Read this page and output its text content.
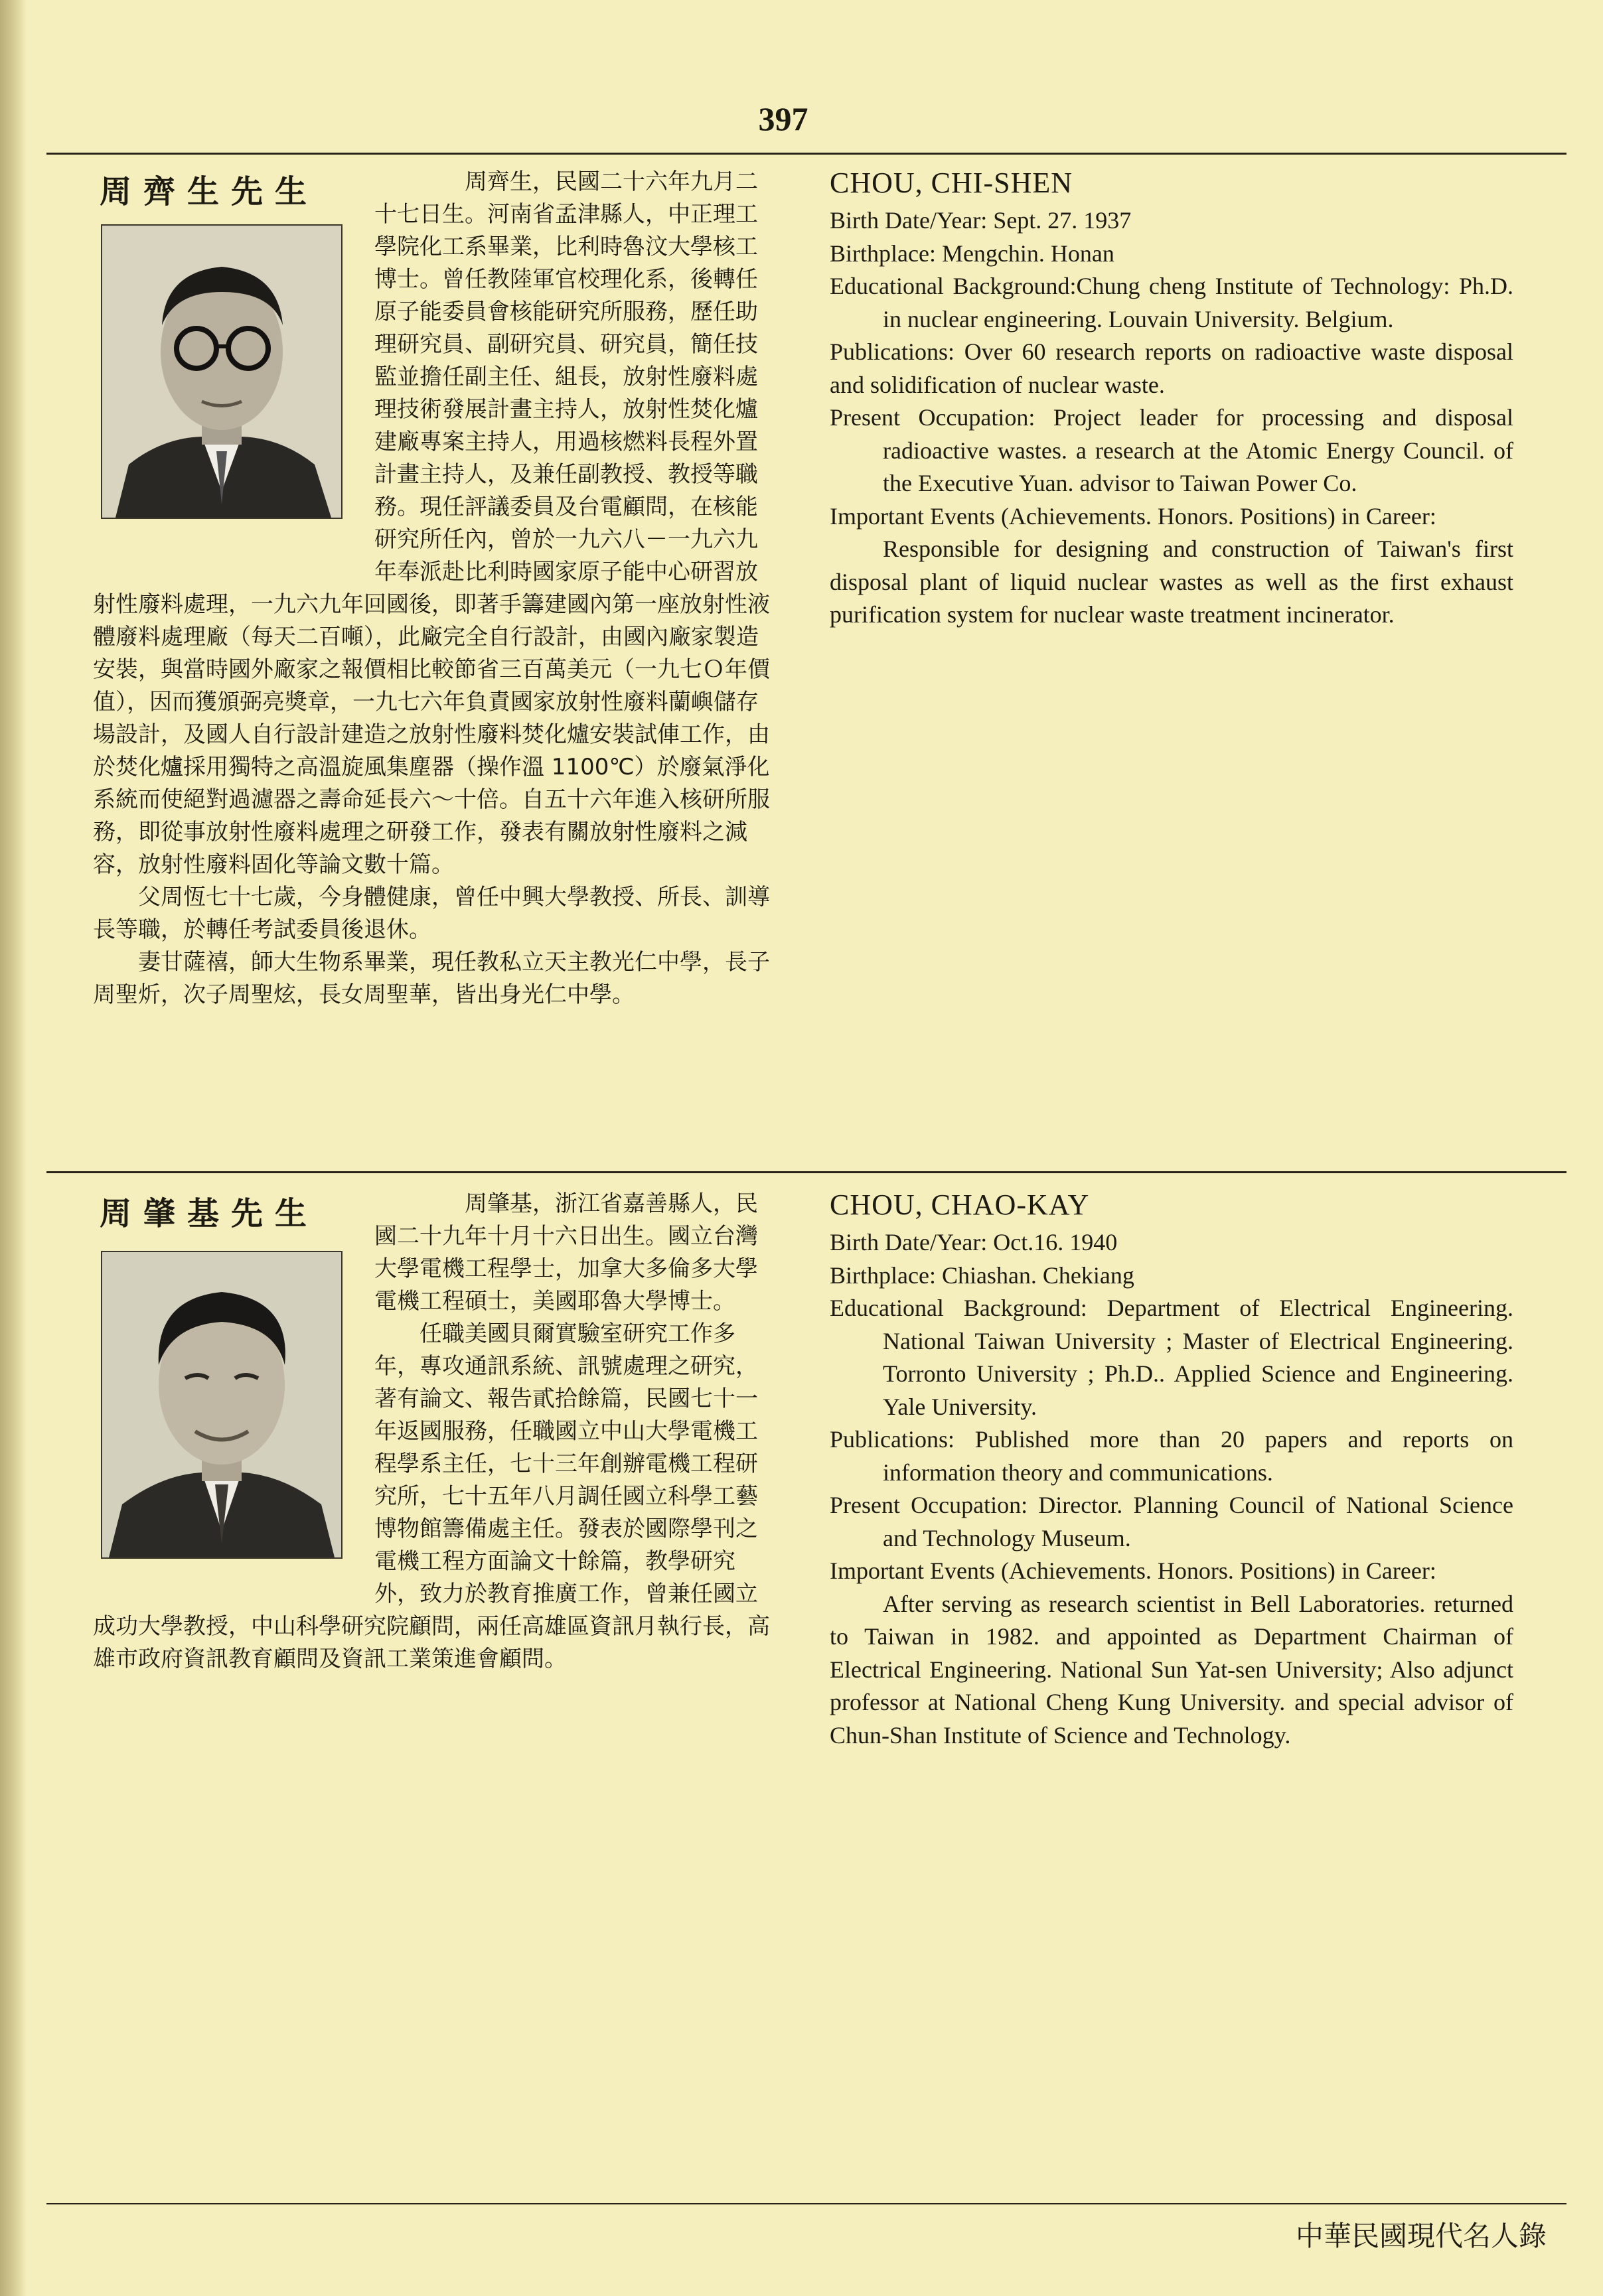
397

周齊生，民國二十六年九月二十七日生。河南省孟津縣人，中正理工學院化工系畢業，比利時魯汶大學核工博士。曾任教陸軍官校理化系，後轉任原子能委員會核能研究所服務，歷任助理研究員、副研究員、研究員，簡任技監並擔任副主任、組長，放射性廢料處理技術發展計畫主持人，放射性焚化爐建廠專案主持人，用過核燃料長程外置計畫主持人，及兼任副教授、教授等職務。現任評議委員及台電顧問，在核能研究所任內，曾於一九六八－一九六九年奉派赴比利時國家原子能中心研習放射性廢料處理，一九六九年回國後，即著手籌建國內第一座放射性液體廢料處理廠（每天二百噸），此廠完全自行設計，由國內廠家製造安裝，與當時國外廠家之報價相比較節省三百萬美元（一九七Ｏ年價值），因而獲頒弼亮獎章，一九七六年負責國家放射性廢料蘭嶼儲存場設計，及國人自行設計建造之放射性廢料焚化爐安裝試俥工作，由於焚化爐採用獨特之高溫旋風集塵器（操作溫 1100℃）於廢氣淨化系統而使絕對過濾器之壽命延長六～十倍。自五十六年進入核研所服務，即從事放射性廢料處理之研發工作，發表有關放射性廢料之減容，放射性廢料固化等論文數十篇。

父周恆七十七歲，今身體健康，曾任中興大學教授、所長、訓導長等職，於轉任考試委員後退休。

妻甘薩禧，師大生物系畢業，現任教私立天主教光仁中學，長子周聖炘，次子周聖炫，長女周聖華，皆出身光仁中學。

周齊生先生	CHOU, CHI-SHEN

Birth Date/Year: Sept. 27. 1937

Birthplace: Mengchin. Honan

Educational Background:Chung cheng Institute of Technology: Ph.D. in nuclear engineering. Louvain University. Belgium.

Publications: Over 60 research reports on radioactive waste disposal and solidification of nuclear waste.

Present Occupation: Project leader for processing and disposal radioactive wastes. a research at the Atomic Energy Council. of the Executive Yuan. advisor to Taiwan Power Co.

Important Events (Achievements. Honors. Positions) in Career:

Responsible for designing and construction of Taiwan's first disposal plant of liquid nuclear wastes as well as the first exhaust purification system for nuclear waste treatment incinerator.

周肇基，浙江省嘉善縣人，民國二十九年十月十六日出生。國立台灣大學電機工程學士，加拿大多倫多大學電機工程碩士，美國耶魯大學博士。

任職美國貝爾實驗室研究工作多年，專攻通訊系統、訊號處理之研究，著有論文、報告貳拾餘篇，民國七十一年返國服務，任職國立中山大學電機工程學系主任，七十三年創辦電機工程研究所，七十五年八月調任國立科學工藝博物館籌備處主任。發表於國際學刊之電機工程方面論文十餘篇，教學研究外，致力於教育推廣工作，曾兼任國立成功大學教授，中山科學研究院顧問，兩任高雄區資訊月執行長，高雄市政府資訊教育顧問及資訊工業策進會顧問。

周肇基先生	CHOU, CHAO-KAY

Birth Date/Year: Oct.16. 1940

Birthplace: Chiashan. Chekiang

Educational Background: Department of Electrical Engineering. National Taiwan University ; Master of Electrical Engineering. Torronto University ; Ph.D.. Applied Science and Engineering. Yale University.

Publications: Published more than 20 papers and reports on information theory and communications.

Present Occupation: Director. Planning Council of National Science and Technology Museum.

Important Events (Achievements. Honors. Positions) in Career:

After serving as research scientist in Bell Laboratories. returned to Taiwan in 1982. and appointed as Department Chairman of Electrical Engineering. National Sun Yat-sen University; Also adjunct professor at National Cheng Kung University. and special advisor of Chun-Shan Institute of Science and Technology.

中華民國現代名人錄
